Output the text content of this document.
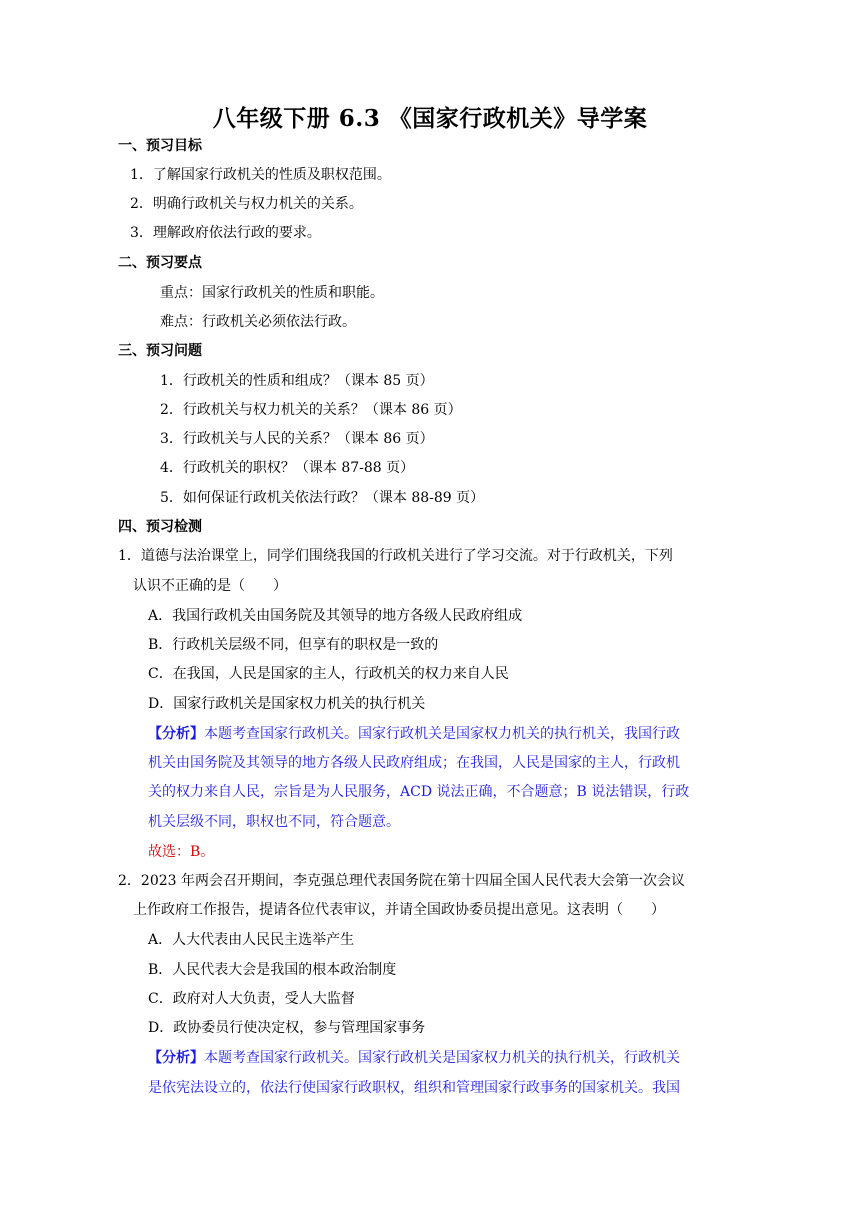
八年级下册 6.3 《国家行政机关》导学案
一、预习目标
1．了解国家行政机关的性质及职权范围。
2．明确行政机关与权力机关的关系。
3．理解政府依法行政的要求。
二、预习要点
重点：国家行政机关的性质和职能。
难点：行政机关必须依法行政。
三、预习问题
1．行政机关的性质和组成？（课本 85 页）
2．行政机关与权力机关的关系？（课本 86 页）
3．行政机关与人民的关系？（课本 86 页）
4．行政机关的职权？（课本 87-88 页）
5．如何保证行政机关依法行政？（课本 88-89 页）
四、预习检测
1．道德与法治课堂上，同学们围绕我国的行政机关进行了学习交流。对于行政机关，下列
认识不正确的是（　　）
A．我国行政机关由国务院及其领导的地方各级人民政府组成
B．行政机关层级不同，但享有的职权是一致的
C．在我国，人民是国家的主人，行政机关的权力来自人民
D．国家行政机关是国家权力机关的执行机关
【分析】本题考查国家行政机关。国家行政机关是国家权力机关的执行机关，我国行政
机关由国务院及其领导的地方各级人民政府组成；在我国，人民是国家的主人，行政机
关的权力来自人民，宗旨是为人民服务，ACD 说法正确，不合题意；B 说法错误，行政
机关层级不同，职权也不同，符合题意。
故选：B。
2．2023 年两会召开期间，李克强总理代表国务院在第十四届全国人民代表大会第一次会议
上作政府工作报告，提请各位代表审议，并请全国政协委员提出意见。这表明（　　）
A．人大代表由人民民主选举产生
B．人民代表大会是我国的根本政治制度
C．政府对人大负责，受人大监督
D．政协委员行使决定权，参与管理国家事务
【分析】本题考查国家行政机关。国家行政机关是国家权力机关的执行机关，行政机关
是依宪法设立的，依法行使国家行政职权，组织和管理国家行政事务的国家机关。我国
